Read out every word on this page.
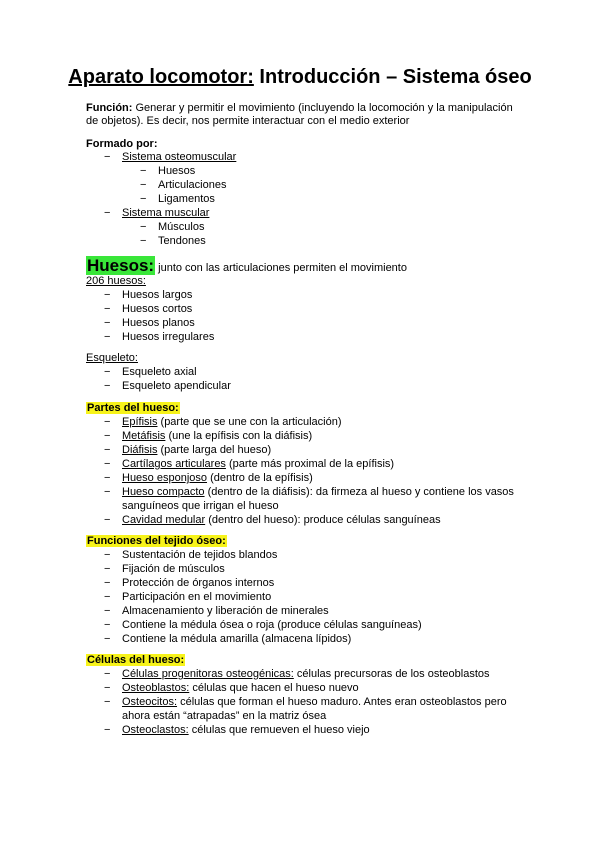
Aparato locomotor: Introducción – Sistema óseo
Función: Generar y permitir el movimiento (incluyendo la locomoción y la manipulación
de objetos). Es decir, nos permite interactuar con el medio exterior
Formado por:
− Sistema osteomuscular
− Huesos
− Articulaciones
− Ligamentos
− Sistema muscular
− Músculos
− Tendones
Huesos: junto con las articulaciones permiten el movimiento
206 huesos:
− Huesos largos
− Huesos cortos
− Huesos planos
− Huesos irregulares
Esqueleto:
− Esqueleto axial
− Esqueleto apendicular
Partes del hueso:
− Epífisis (parte que se une con la articulación)
− Metáfisis (une la epífisis con la diáfisis)
− Diáfisis (parte larga del hueso)
− Cartílagos articulares (parte más proximal de la epífisis)
− Hueso esponjoso (dentro de la epífisis)
− Hueso compacto (dentro de la diáfisis): da firmeza al hueso y contiene los vasos
sanguíneos que irrigan el hueso
− Cavidad medular (dentro del hueso): produce células sanguíneas
Funciones del tejido óseo:
− Sustentación de tejidos blandos
− Fijación de músculos
− Protección de órganos internos
− Participación en el movimiento
− Almacenamiento y liberación de minerales
− Contiene la médula ósea o roja (produce células sanguíneas)
− Contiene la médula amarilla (almacena lípidos)
Células del hueso:
− Células progenitoras osteogénicas: células precursoras de los osteoblastos
− Osteoblastos: células que hacen el hueso nuevo
− Osteocitos: células que forman el hueso maduro. Antes eran osteoblastos pero
ahora están “atrapadas” en la matriz ósea
− Osteoclastos: células que remueven el hueso viejo
